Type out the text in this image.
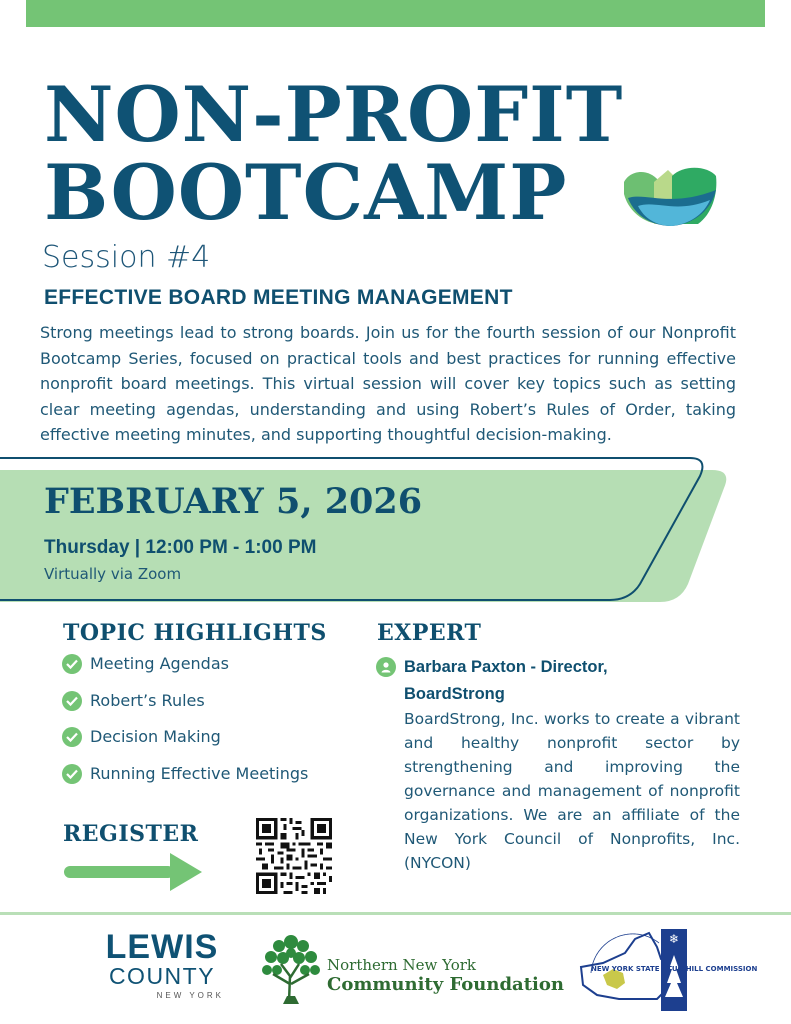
NON-PROFIT
BOOTCAMP
Session #4
EFFECTIVE BOARD MEETING MANAGEMENT
Strong meetings lead to strong boards. Join us for the fourth session of our Nonprofit Bootcamp Series, focused on practical tools and best practices for running effective nonprofit board meetings. This virtual session will cover key topics such as setting clear meeting agendas, understanding and using Robert’s Rules of Order, taking effective meeting minutes, and supporting thoughtful decision-making.
FEBRUARY 5, 2026
Thursday | 12:00 PM - 1:00 PM
Virtually via Zoom
TOPIC HIGHLIGHTS
Meeting Agendas
Robert’s Rules
Decision Making
Running Effective Meetings
REGISTER
EXPERT
Barbara Paxton - Director, BoardStrong
BoardStrong, Inc. works to create a vibrant and healthy nonprofit sector by strengthening and improving the governance and management of nonprofit organizations. We are an affiliate of the New York Council of Nonprofits, Inc. (NYCON)
LEWIS
COUNTY
NEW YORK
Northern New York
Community Foundation
❄
NEW YORK STATE · TUG HILL COMMISSION
